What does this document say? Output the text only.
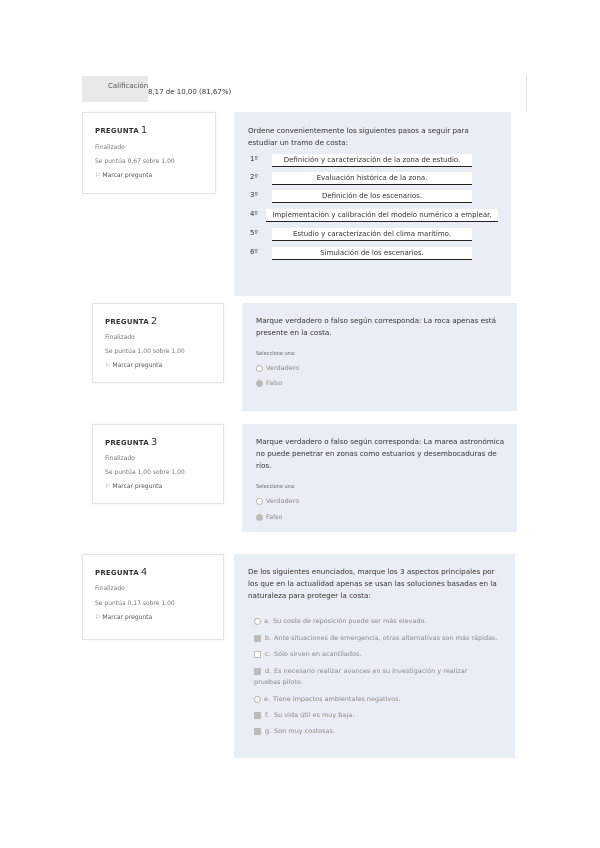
Calificación
8,17 de 10,00 (81,67%)
PREGUNTA 1
Finalizado
Se puntúa 0,67 sobre 1,00
⚐ Marcar pregunta
Ordene convenientemente los siguientes pasos a seguir para estudiar un tramo de costa:
1º	Definición y caracterización de la zona de estudio.
2º	Evaluación histórica de la zona.
3º	Definición de los escenarios.
4º	Implementación y calibración del modelo numérico a emplear.
5º	Estudio y caracterización del clima marítimo.
6º	Simulación de los escenarios.
PREGUNTA 2
Finalizado
Se puntúa 1,00 sobre 1,00
⚐ Marcar pregunta
Marque verdadero o falso según corresponda: La roca apenas está presente en la costa.
Seleccione una:
Verdadero
Falso
PREGUNTA 3
Finalizado
Se puntúa 1,00 sobre 1,00
⚐ Marcar pregunta
Marque verdadero o falso según corresponda: La marea astronómica no puede penetrar en zonas como estuarios y desembocaduras de ríos.
Seleccione una:
Verdadero
Falso
PREGUNTA 4
Finalizado
Se puntúa 0,17 sobre 1,00
⚐ Marcar pregunta
De los siguientes enunciados, marque los 3 aspectos principales por los que en la actualidad apenas se usan las soluciones basadas en la naturaleza para proteger la costa:
a. Su coste de reposición puede ser más elevado.
b. Ante situaciones de emergencia, otras alternativas son más rápidas.
c. Sólo sirven en acantilados.
d. Es necesario realizar avances en su investigación y realizar pruebas piloto.
e. Tiene impactos ambientales negativos.
f. Su vida útil es muy baja.
g. Son muy costosas.
